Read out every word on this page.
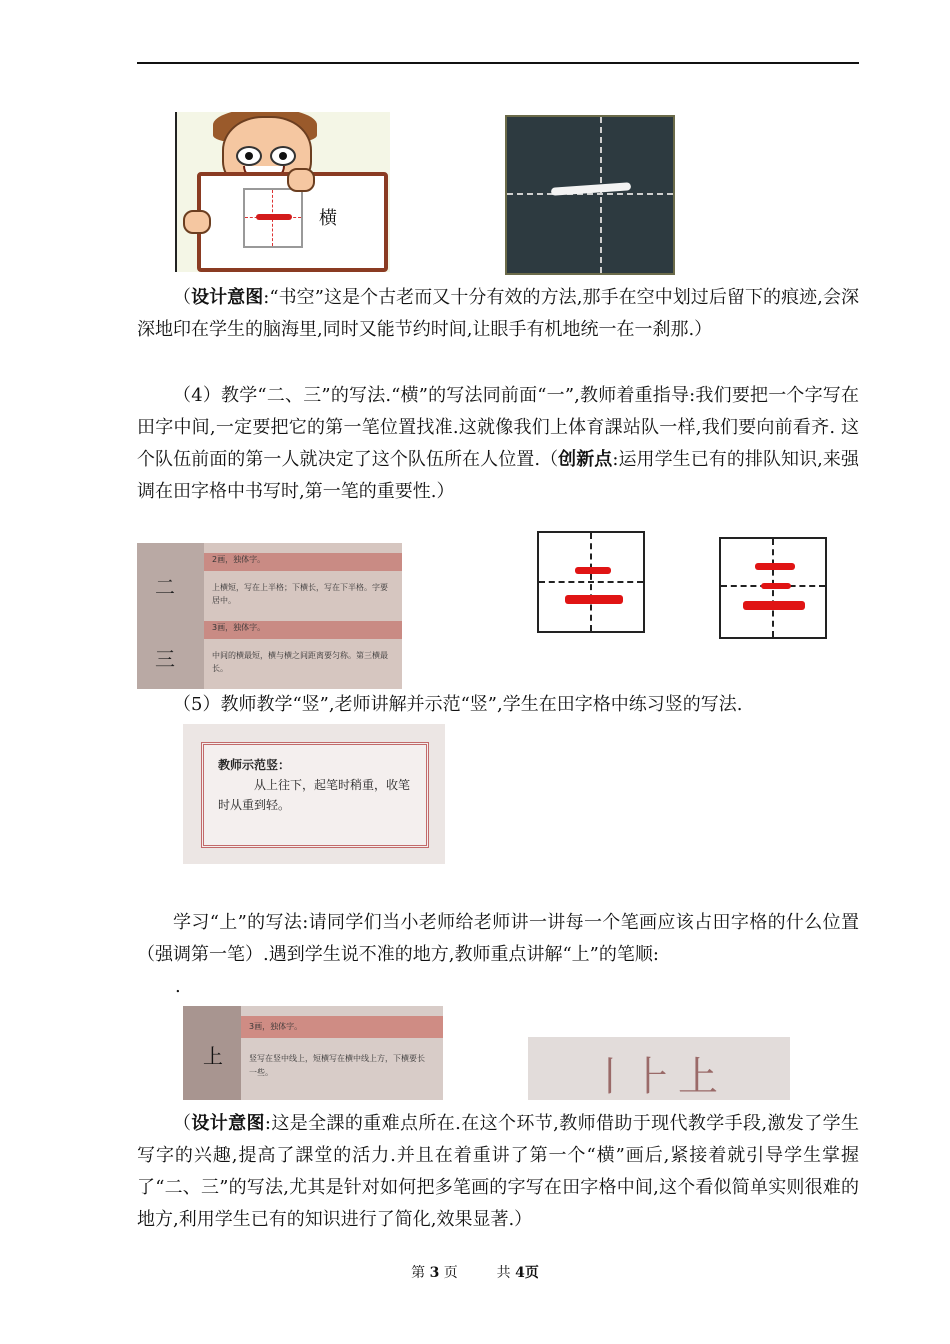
横
（设计意图:“书空”这是个古老而又十分有效的方法,那手在空中划过后留下的痕迹,会深深地印在学生的脑海里,同时又能节约时间,让眼手有机地统一在一刹那.）
（4）教学“二、三”的写法.“横”的写法同前面“一”,教师着重指导:我们要把一个字写在田字中间,一定要把它的第一笔位置找准.这就像我们上体育課站队一样,我们要向前看齐. 这个队伍前面的第一人就决定了这个队伍所在人位置.（创新点:运用学生已有的排队知识,来强调在田字格中书写时,第一笔的重要性.）
二
三
2画，独体字。
上横短，写在上半格；下横长，写在下半格。字要居中。
3画，独体字。
中间的横最短，横与横之间距离要匀称。第三横最长。
（5）教师教学“竖”,老师讲解并示范“竖”,学生在田字格中练习竖的写法.
教师示范竖：
从上往下，起笔时稍重，收笔时从重到轻。
学习“上”的写法:请同学们当小老师给老师讲一讲每一个笔画应该占田字格的什么位置（强调第一笔）.遇到学生说不准的地方,教师重点讲解“上”的笔顺:
.
上
3画，独体字。
竖写在竖中线上，短横写在横中线上方，下横要长一些。	丨 ⺊ 上
（设计意图:这是全課的重难点所在.在这个环节,教师借助于现代教学手段,激发了学生写字的兴趣,提高了課堂的活力.并且在着重讲了第一个“横”画后,紧接着就引导学生掌握了“二、三”的写法,尤其是针对如何把多笔画的字写在田字格中间,这个看似简单实则很难的地方,利用学生已有的知识进行了简化,效果显著.）
第 3 页	共 4页
